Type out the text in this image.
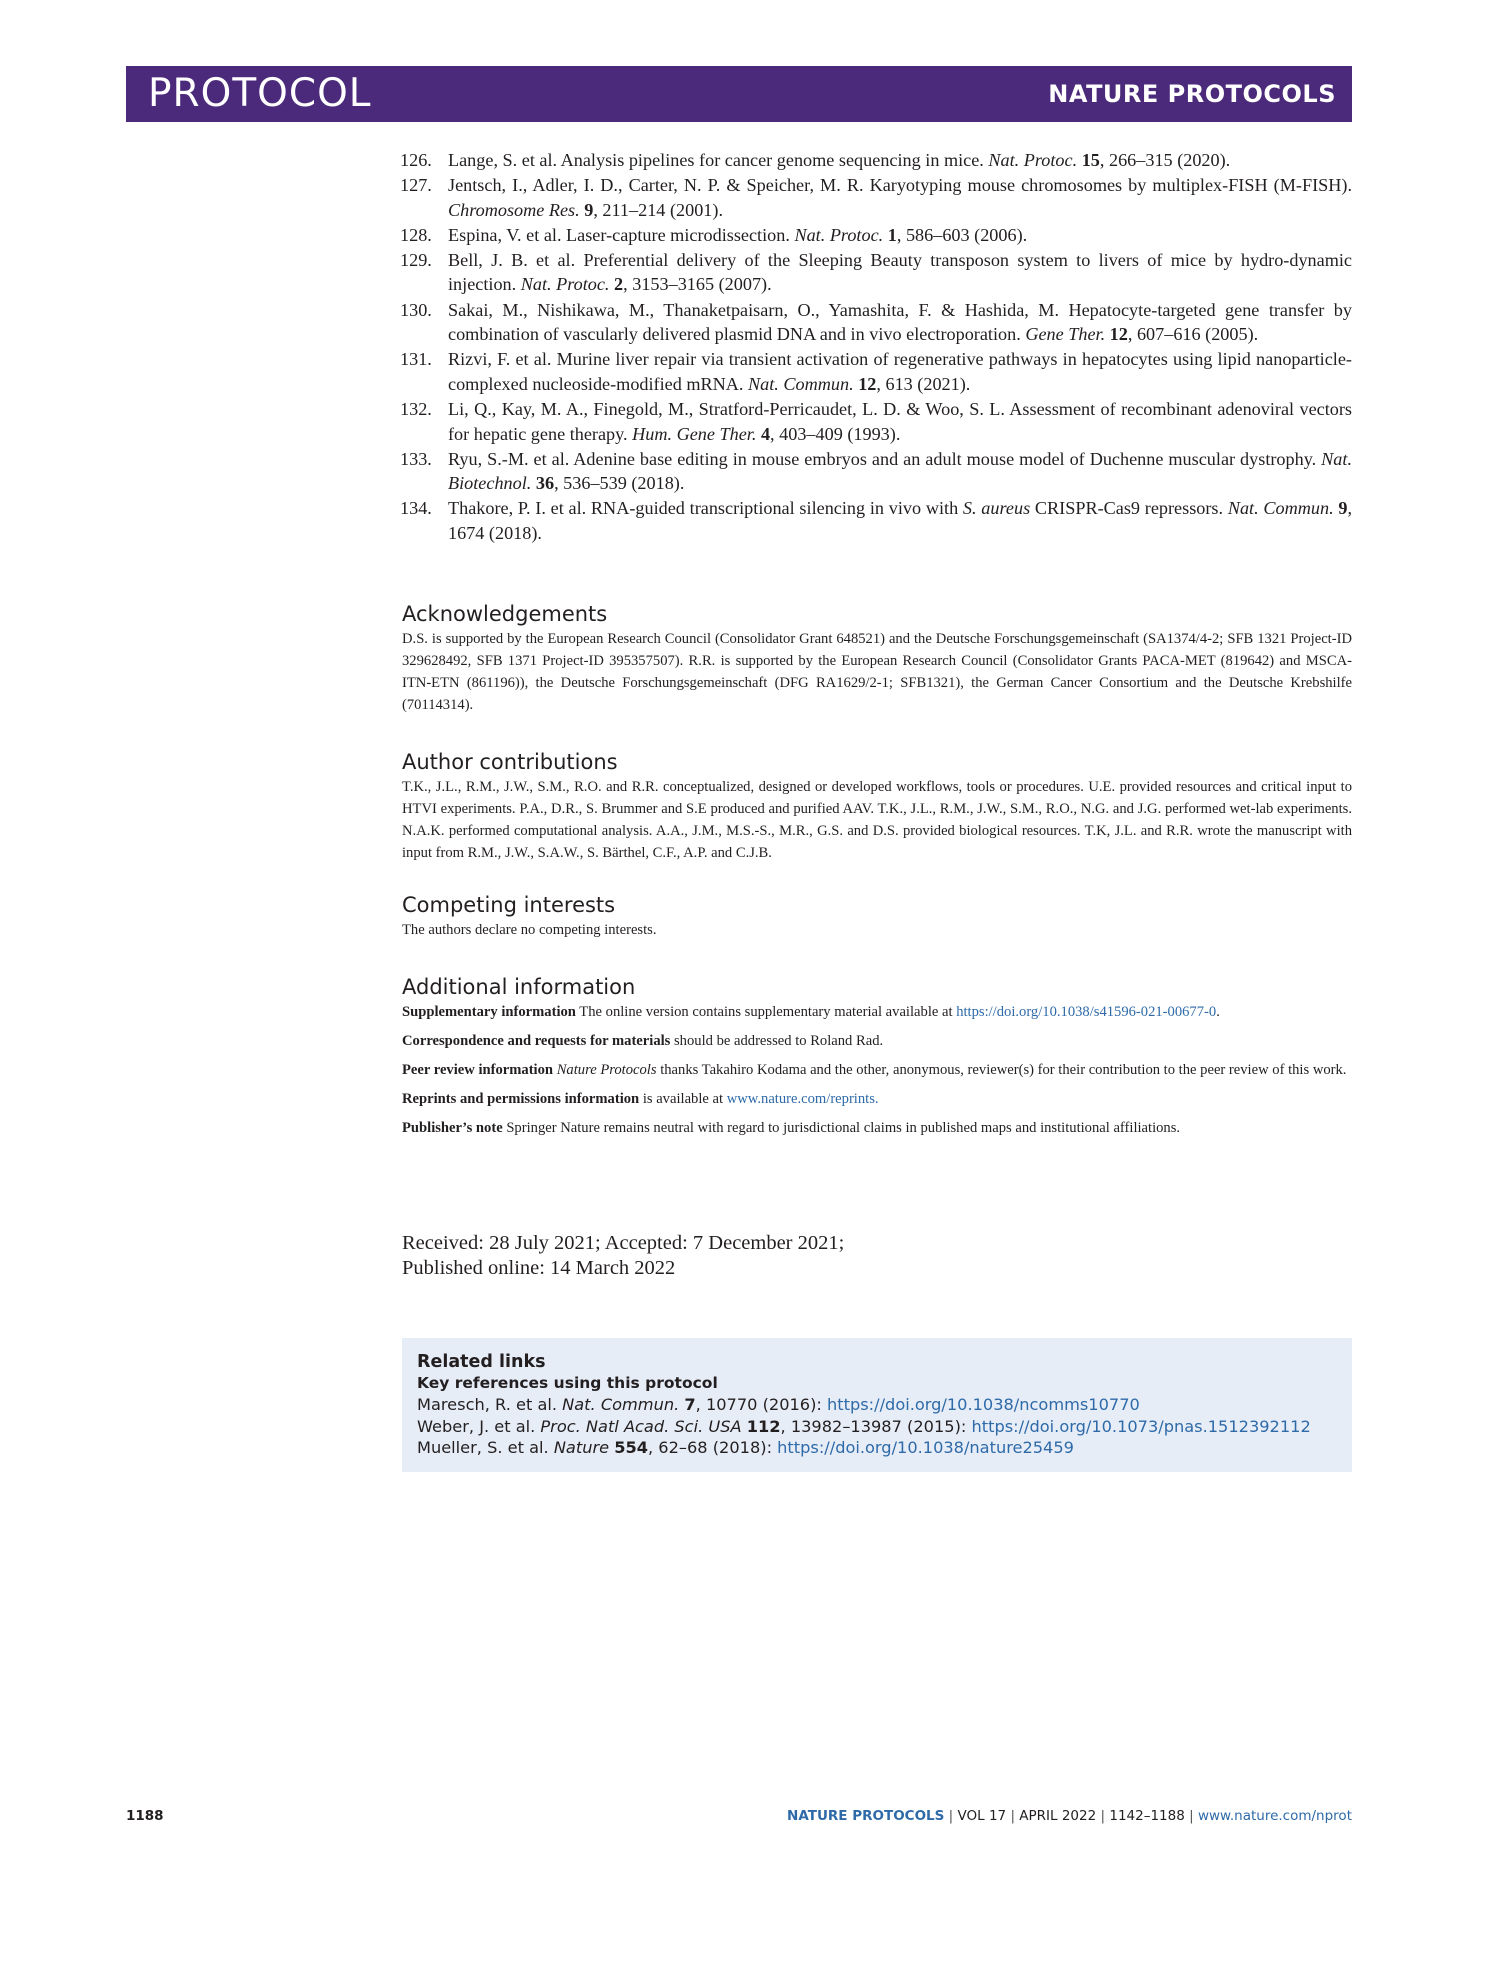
PROTOCOL	NATURE PROTOCOLS
126. Lange, S. et al. Analysis pipelines for cancer genome sequencing in mice. Nat. Protoc. 15, 266–315 (2020).
127. Jentsch, I., Adler, I. D., Carter, N. P. & Speicher, M. R. Karyotyping mouse chromosomes by multiplex-FISH (M-FISH). Chromosome Res. 9, 211–214 (2001).
128. Espina, V. et al. Laser-capture microdissection. Nat. Protoc. 1, 586–603 (2006).
129. Bell, J. B. et al. Preferential delivery of the Sleeping Beauty transposon system to livers of mice by hydro-dynamic injection. Nat. Protoc. 2, 3153–3165 (2007).
130. Sakai, M., Nishikawa, M., Thanaketpaisarn, O., Yamashita, F. & Hashida, M. Hepatocyte-targeted gene transfer by combination of vascularly delivered plasmid DNA and in vivo electroporation. Gene Ther. 12, 607–616 (2005).
131. Rizvi, F. et al. Murine liver repair via transient activation of regenerative pathways in hepatocytes using lipid nanoparticle-complexed nucleoside-modified mRNA. Nat. Commun. 12, 613 (2021).
132. Li, Q., Kay, M. A., Finegold, M., Stratford-Perricaudet, L. D. & Woo, S. L. Assessment of recombinant adenoviral vectors for hepatic gene therapy. Hum. Gene Ther. 4, 403–409 (1993).
133. Ryu, S.-M. et al. Adenine base editing in mouse embryos and an adult mouse model of Duchenne muscular dystrophy. Nat. Biotechnol. 36, 536–539 (2018).
134. Thakore, P. I. et al. RNA-guided transcriptional silencing in vivo with S. aureus CRISPR-Cas9 repressors. Nat. Commun. 9, 1674 (2018).
Acknowledgements

D.S. is supported by the European Research Council (Consolidator Grant 648521) and the Deutsche Forschungsgemeinschaft (SA1374/4-2; SFB 1321 Project-ID 329628492, SFB 1371 Project-ID 395357507). R.R. is supported by the European Research Council (Consolidator Grants PACA-MET (819642) and MSCA-ITN-ETN (861196)), the Deutsche Forschungsgemeinschaft (DFG RA1629/2-1; SFB1321), the German Cancer Consortium and the Deutsche Krebshilfe (70114314).

Author contributions

T.K., J.L., R.M., J.W., S.M., R.O. and R.R. conceptualized, designed or developed workflows, tools or procedures. U.E. provided resources and critical input to HTVI experiments. P.A., D.R., S. Brummer and S.E produced and purified AAV. T.K., J.L., R.M., J.W., S.M., R.O., N.G. and J.G. performed wet-lab experiments. N.A.K. performed computational analysis. A.A., J.M., M.S.-S., M.R., G.S. and D.S. provided biological resources. T.K, J.L. and R.R. wrote the manuscript with input from R.M., J.W., S.A.W., S. Bärthel, C.F., A.P. and C.J.B.

Competing interests

The authors declare no competing interests.

Additional information

Supplementary information The online version contains supplementary material available at https://doi.org/10.1038/s41596-021-00677-0.

Correspondence and requests for materials should be addressed to Roland Rad.

Peer review information Nature Protocols thanks Takahiro Kodama and the other, anonymous, reviewer(s) for their contribution to the peer review of this work.

Reprints and permissions information is available at www.nature.com/reprints.

Publisher’s note Springer Nature remains neutral with regard to jurisdictional claims in published maps and institutional affiliations.

Received: 28 July 2021; Accepted: 7 December 2021;
Published online: 14 March 2022
Related links
Key references using this protocol
Maresch, R. et al. Nat. Commun. 7, 10770 (2016): https://doi.org/10.1038/ncomms10770
Weber, J. et al. Proc. Natl Acad. Sci. USA 112, 13982–13987 (2015): https://doi.org/10.1073/pnas.1512392112
Mueller, S. et al. Nature 554, 62–68 (2018): https://doi.org/10.1038/nature25459
1188	NATURE PROTOCOLS | VOL 17 | APRIL 2022 | 1142–1188 | www.nature.com/nprot
